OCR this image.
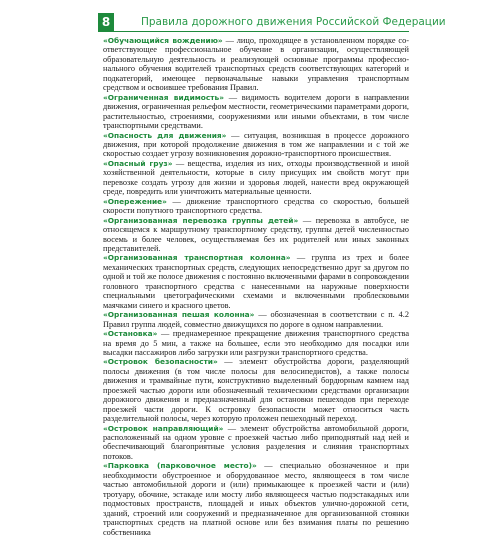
8	Правила дорожного движения Российской Федерации

«Обучающийся вождению» — лицо, проходящее в установленном порядке соответствующее профессиональное обучение в организации, осуществляющей образовательную деятельность и реализующей основные программы профессионального обучения водителей транспортных средств соответствующих категорий и подкатегорий, имеющее первоначальные навыки управления транспортным средством и освоившее требования Правил.

«Ограниченная видимость» — видимость водителем дороги в направлении движения, ограниченная рельефом местности, геометрическими параметрами дороги, растительностью, строениями, сооружениями или иными объектами, в том числе транспортными средствами.

«Опасность для движения» — ситуация, возникшая в процессе дорожного движения, при которой продолжение движения в том же направлении и с той же скоростью создает угрозу возникновения дорожно-транспортного происшествия.

«Опасный груз» — вещества, изделия из них, отходы производственной и иной хозяйственной деятельности, которые в силу присущих им свойств могут при перевозке создать угрозу для жизни и здоровья людей, нанести вред окружающей среде, повредить или уничтожить материальные ценности.

«Опережение» — движение транспортного средства со скоростью, большей скорости попутного транспортного средства.

«Организованная перевозка группы детей» — перевозка в автобусе, не относящемся к маршрутному транспортному средству, группы детей численностью восемь и более человек, осуществляемая без их родителей или иных законных представителей.

«Организованная транспортная колонна» — группа из трех и более механических транспортных средств, следующих непосредственно друг за другом по одной и той же полосе движения с постоянно включенными фарами в сопровождении головного транспортного средства с нанесенными на наружные поверхности специальными цветографическими схемами и включенными проблесковыми маячками синего и красного цветов.

«Организованная пешая колонна» — обозначенная в соответствии с п. 4.2 Правил группа людей, совместно движущихся по дороге в одном направлении.

«Остановка» — преднамеренное прекращение движения транспортного средства на время до 5 мин, а также на большее, если это необходимо для посадки или высадки пассажиров либо загрузки или разгрузки транспортного средства.

«Островок безопасности» — элемент обустройства дороги, разделяющий полосы движения (в том числе полосы для велосипедистов), а также полосы движения и трамвайные пути, конструктивно выделенный бордюрным камнем над проезжей частью дороги или обозначенный техническими средствами организации дорожного движения и предназначенный для остановки пешеходов при переходе проезжей части дороги. К островку безопасности может относиться часть разделительной полосы, через которую проложен пешеходный переход.

«Островок направляющий» — элемент обустройства автомобильной дороги, расположенный на одном уровне с проезжей частью либо приподнятый над ней и обеспечивающий благоприятные условия разделения и слияния транспортных потоков.

«Парковка (парковочное место)» — специально обозначенное и при необходимости обустроенное и оборудованное место, являющееся в том числе частью автомобильной дороги и (или) примыкающее к проезжей части и (или) тротуару, обочине, эстакаде или мосту либо являющееся частью подэстакадных или подмостовых пространств, площадей и иных объектов улично-дорожной сети, зданий, строений или сооружений и предназначенное для организованной стоянки транспортных средств на платной основе или без взимания платы по решению собственника
